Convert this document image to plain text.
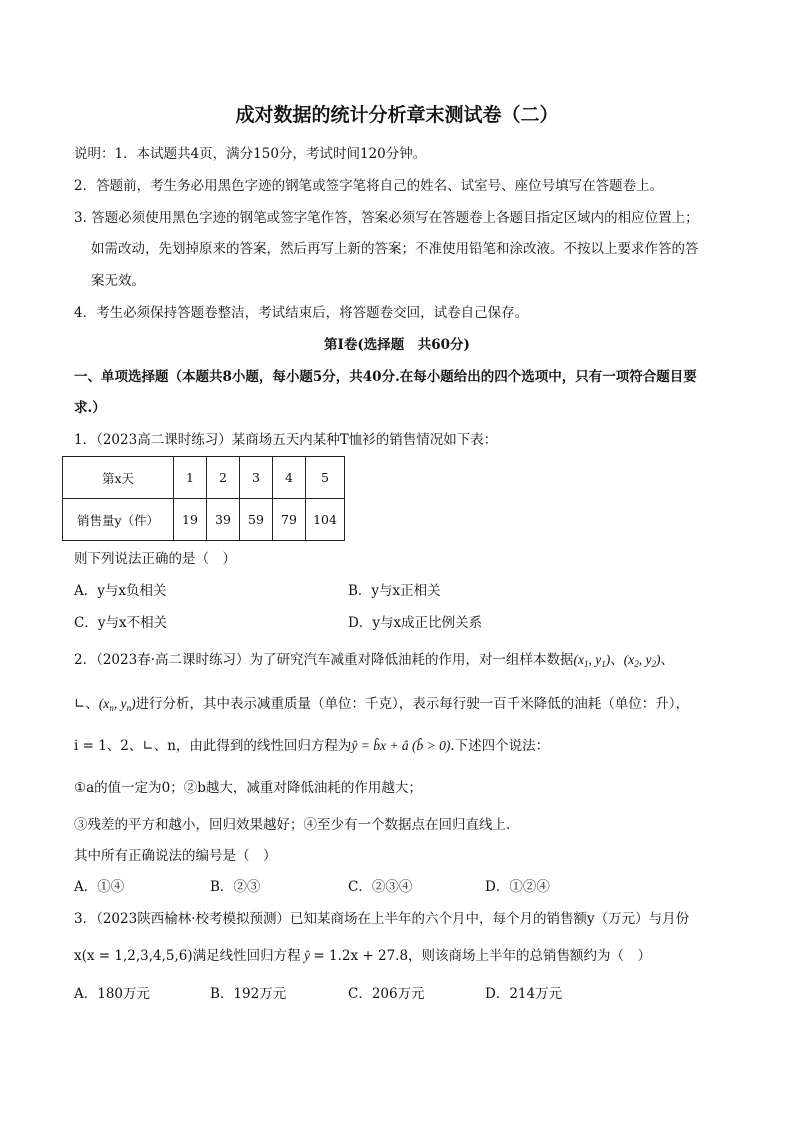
成对数据的统计分析章末测试卷（二）
说明：1．本试题共4页，满分150分，考试时间120分钟。
2．答题前，考生务必用黑色字迹的钢笔或签字笔将自己的姓名、试室号、座位号填写在答题卷上。
3. 答题必须使用黑色字迹的钢笔或签字笔作答，答案必须写在答题卷上各题目指定区域内的相应位置上；
如需改动，先划掉原来的答案，然后再写上新的答案；不准使用铅笔和涂改液。不按以上要求作答的答
案无效。
4．考生必须保持答题卷整洁，考试结束后，将答题卷交回，试卷自己保存。
第I卷(选择题　共60分)
一、单项选择题（本题共8小题，每小题5分，共40分.在每小题给出的四个选项中，只有一项符合题目要
求.）
1．（2023高二课时练习）某商场五天内某种T恤衫的销售情况如下表：
第x天	1	2	3	4	5
销售量y（件）	19	39	59	79	104
则下列说法正确的是（　）
A．y与x负相关	B．y与x正相关
C．y与x不相关	D．y与x成正比例关系
2．（2023春·高二课时练习）为了研究汽车减重对降低油耗的作用，对一组样本数据($x_1$, $y_1$)、($x_2$, $y_2$)、
∟、($x_n$, $y_n$)进行分析，其中表示减重质量（单位：千克），表示每行驶一百千米降低的油耗（单位：升），
i = 1、2、∟、n，由此得到的线性回归方程为ŷ = b̂x + â (b̂ > 0).下述四个说法：
①a的值一定为0；②b越大，减重对降低油耗的作用越大；
③残差的平方和越小，回归效果越好；④至少有一个数据点在回归直线上.
其中所有正确说法的编号是（　）
A．①④	B．②③	C．②③④	D．①②④
3．（2023陕西榆林·校考模拟预测）已知某商场在上半年的六个月中，每个月的销售额y（万元）与月份
x(x = 1,2,3,4,5,6)满足线性回归方程 ŷ = 1.2x + 27.8，则该商场上半年的总销售额约为（　）
A．180万元	B．192万元	C．206万元	D．214万元
